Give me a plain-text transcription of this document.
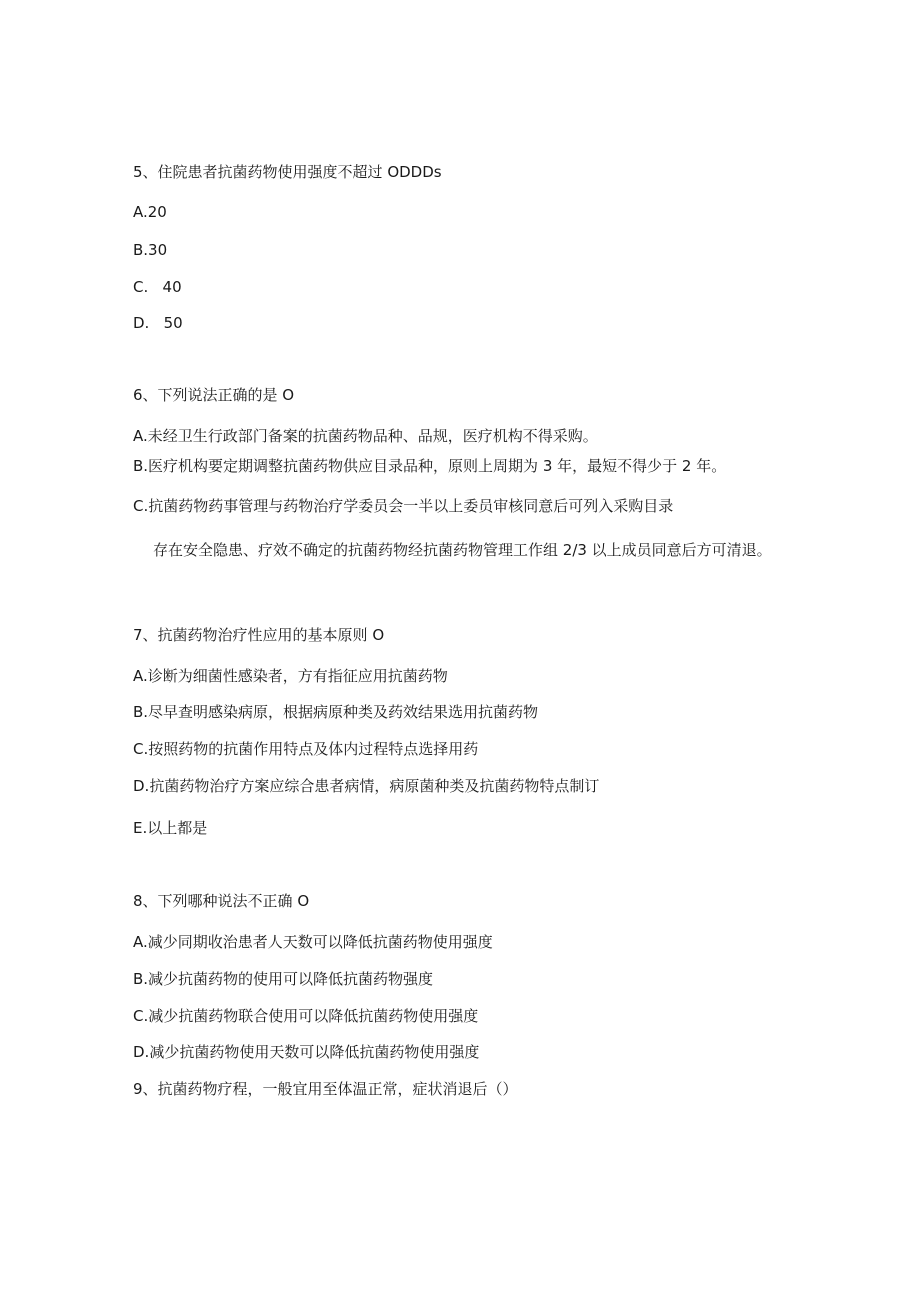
5、住院患者抗菌药物使用强度不超过 ODDDs
A.20
B.30
C.   40
D.   50
6、下列说法正确的是 O
A.未经卫生行政部门备案的抗菌药物品种、品规，医疗机构不得采购。
B.医疗机构要定期调整抗菌药物供应目录品种，原则上周期为 3 年，最短不得少于 2 年。
C.抗菌药物药事管理与药物治疗学委员会一半以上委员审核同意后可列入采购目录
存在安全隐患、疗效不确定的抗菌药物经抗菌药物管理工作组 2/3 以上成员同意后方可清退。
7、抗菌药物治疗性应用的基本原则 O
A.诊断为细菌性感染者，方有指征应用抗菌药物
B.尽早查明感染病原，根据病原种类及药效结果选用抗菌药物
C.按照药物的抗菌作用特点及体内过程特点选择用药
D.抗菌药物治疗方案应综合患者病情，病原菌种类及抗菌药物特点制订
E.以上都是
8、下列哪种说法不正确 O
A.减少同期收治患者人天数可以降低抗菌药物使用强度
B.减少抗菌药物的使用可以降低抗菌药物强度
C.减少抗菌药物联合使用可以降低抗菌药物使用强度
D.减少抗菌药物使用天数可以降低抗菌药物使用强度
9、抗菌药物疗程，一般宜用至体温正常，症状消退后（）
